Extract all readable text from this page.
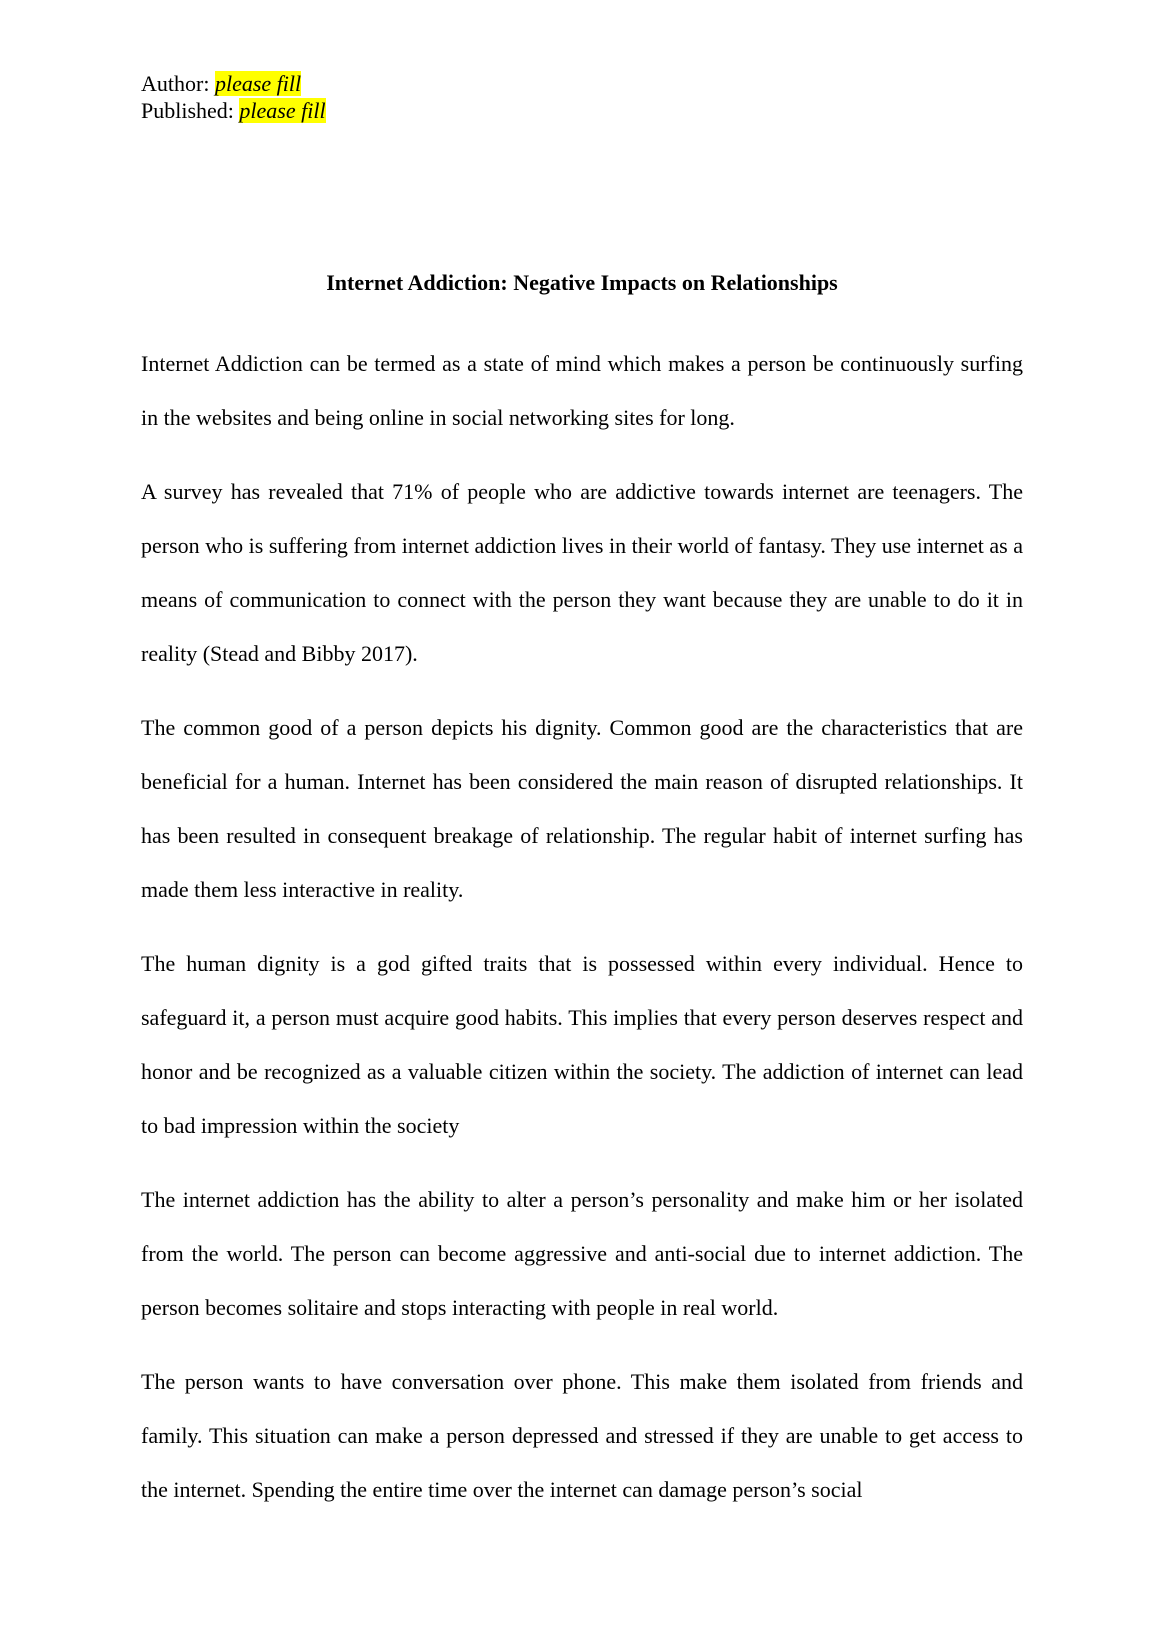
Author: please fill
Published: please fill
Internet Addiction: Negative Impacts on Relationships

Internet Addiction can be termed as a state of mind which makes a person be continuously surfing in the websites and being online in social networking sites for long.

A survey has revealed that 71% of people who are addictive towards internet are teenagers. The person who is suffering from internet addiction lives in their world of fantasy. They use internet as a means of communication to connect with the person they want because they are unable to do it in reality (Stead and Bibby 2017).

The common good of a person depicts his dignity. Common good are the characteristics that are beneficial for a human. Internet has been considered the main reason of disrupted relationships. It has been resulted in consequent breakage of relationship. The regular habit of internet surfing has made them less interactive in reality.

The human dignity is a god gifted traits that is possessed within every individual. Hence to safeguard it, a person must acquire good habits. This implies that every person deserves respect and honor and be recognized as a valuable citizen within the society. The addiction of internet can lead to bad impression within the society

The internet addiction has the ability to alter a person’s personality and make him or her isolated from the world. The person can become aggressive and anti-social due to internet addiction. The person becomes solitaire and stops interacting with people in real world.

The person wants to have conversation over phone. This make them isolated from friends and family. This situation can make a person depressed and stressed if they are unable to get access to the internet. Spending the entire time over the internet can damage person’s social
